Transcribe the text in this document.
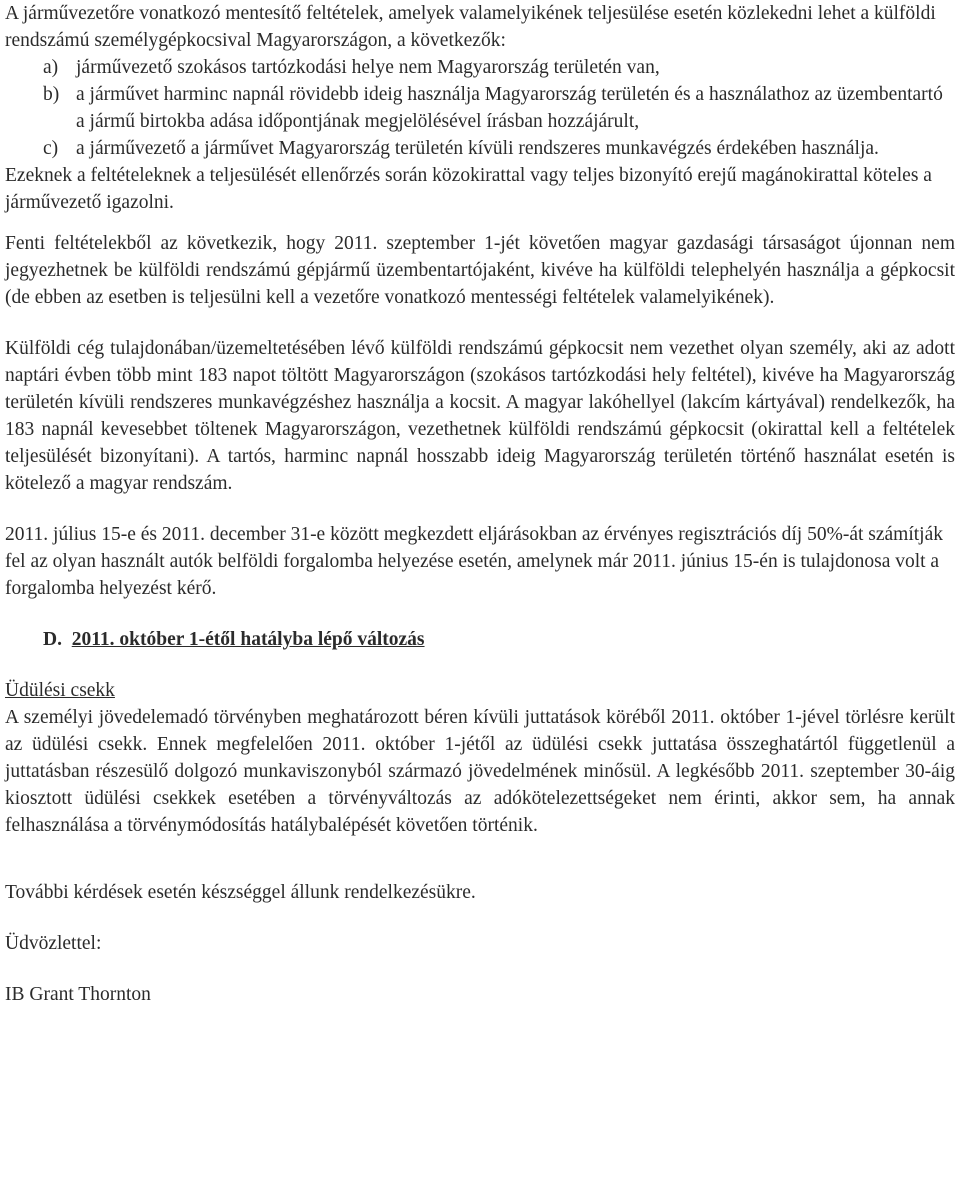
A járművezetőre vonatkozó mentesítő feltételek, amelyek valamelyikének teljesülése esetén közlekedni lehet a külföldi rendszámú személygépkocsival Magyarországon, a következők:

a) járművezető szokásos tartózkodási helye nem Magyarország területén van,
b) a járművet harminc napnál rövidebb ideig használja Magyarország területén és a használathoz az üzembentartó a jármű birtokba adása időpontjának megjelölésével írásban hozzájárult,
c) a járművezető a járművet Magyarország területén kívüli rendszeres munkavégzés érdekében használja.

Ezeknek a feltételeknek a teljesülését ellenőrzés során közokirattal vagy teljes bizonyító erejű magánokirattal köteles a járművezető igazolni.

Fenti feltételekből az következik, hogy 2011. szeptember 1-jét követően magyar gazdasági társaságot újonnan nem jegyezhetnek be külföldi rendszámú gépjármű üzembentartójaként, kivéve ha külföldi telephelyén használja a gépkocsit (de ebben az esetben is teljesülni kell a vezetőre vonatkozó mentességi feltételek valamelyikének).

Külföldi cég tulajdonában/üzemeltetésében lévő külföldi rendszámú gépkocsit nem vezethet olyan személy, aki az adott naptári évben több mint 183 napot töltött Magyarországon (szokásos tartózkodási hely feltétel), kivéve ha Magyarország területén kívüli rendszeres munkavégzéshez használja a kocsit. A magyar lakóhellyel (lakcím kártyával) rendelkezők, ha 183 napnál kevesebbet töltenek Magyarországon, vezethetnek külföldi rendszámú gépkocsit (okirattal kell a feltételek teljesülését bizonyítani). A tartós, harminc napnál hosszabb ideig Magyarország területén történő használat esetén is kötelező a magyar rendszám.

2011. július 15-e és 2011. december 31-e között megkezdett eljárásokban az érvényes regisztrációs díj 50%-át számítják fel az olyan használt autók belföldi forgalomba helyezése esetén, amelynek már 2011. június 15-én is tulajdonosa volt a forgalomba helyezést kérő.

D. 2011. október 1-étől hatályba lépő változás

Üdülési csekk

A személyi jövedelemadó törvényben meghatározott béren kívüli juttatások köréből 2011. október 1-jével törlésre került az üdülési csekk. Ennek megfelelően 2011. október 1-jétől az üdülési csekk juttatása összeghatártól függetlenül a juttatásban részesülő dolgozó munkaviszonyból származó jövedelmének minősül. A legkésőbb 2011. szeptember 30-áig kiosztott üdülési csekkek esetében a törvényváltozás az adókötelezettségeket nem érinti, akkor sem, ha annak felhasználása a törvénymódosítás hatálybalépését követően történik.

További kérdések esetén készséggel állunk rendelkezésükre.

Üdvözlettel:

IB Grant Thornton
